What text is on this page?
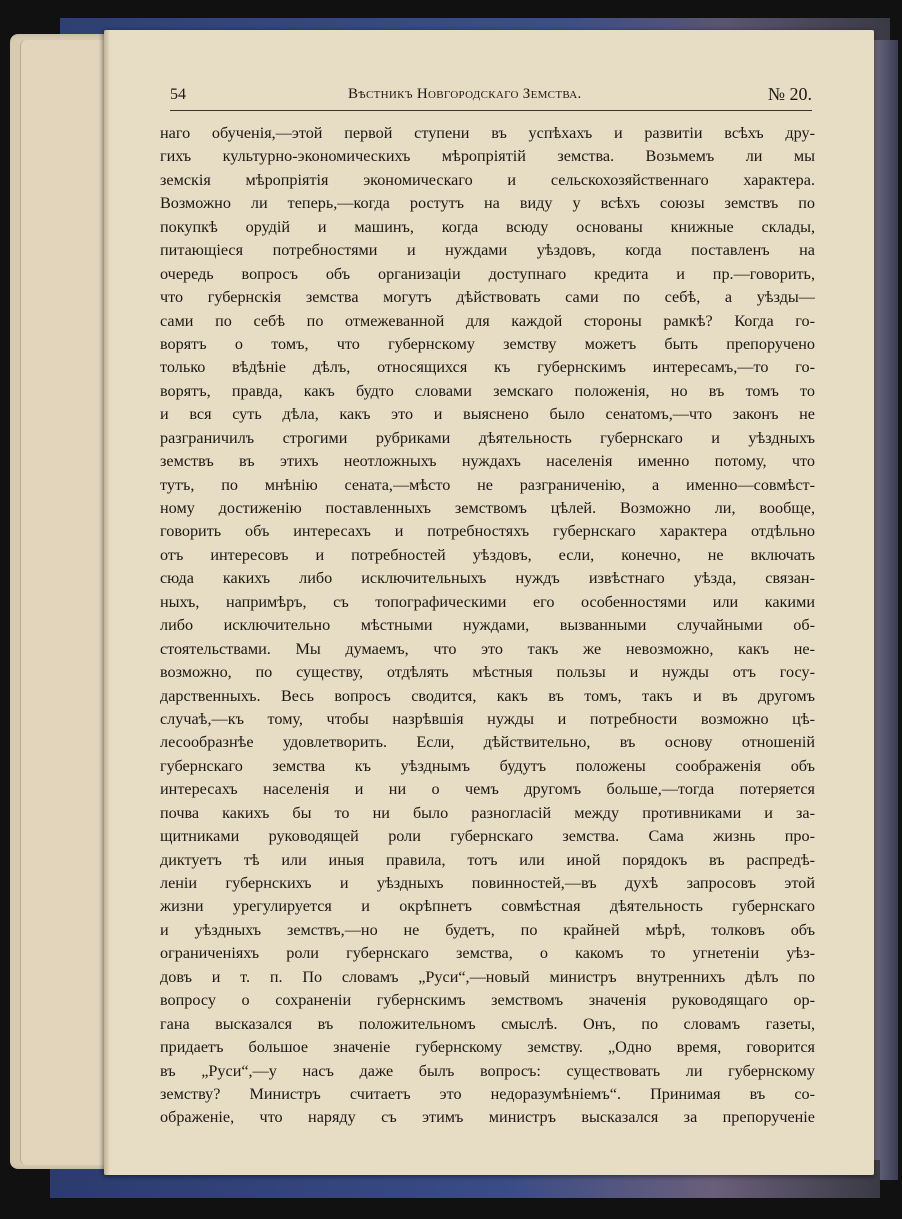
54	Вѣстникъ Новгородскаго Земства.	№ 20.
наго обученія,—этой первой ступени въ успѣхахъ и развитіи всѣхъ дру-
гихъ культурно-экономическихъ мѣропріятій земства. Возьмемъ ли мы
земскія мѣропріятія экономическаго и сельскохозяйственнаго характера.
Возможно ли теперь,—когда ростутъ на виду у всѣхъ союзы земствъ по
покупкѣ орудій и машинъ, когда всюду основаны книжные склады,
питающіеся потребностями и нуждами уѣздовъ, когда поставленъ на
очередь вопросъ объ организаціи доступнаго кредита и пр.—говорить,
что губернскія земства могутъ дѣйствовать сами по себѣ, а уѣзды—
сами по себѣ по отмежеванной для каждой стороны рамкѣ? Когда го-
ворятъ о томъ, что губернскому земству можетъ быть препоручено
только вѣдѣніе дѣлъ, относящихся къ губернскимъ интересамъ,—то го-
ворятъ, правда, какъ будто словами земскаго положенія, но въ томъ то
и вся суть дѣла, какъ это и выяснено было сенатомъ,—что законъ не
разграничилъ строгими рубриками дѣятельность губернскаго и уѣздныхъ
земствъ въ этихъ неотложныхъ нуждахъ населенія именно потому, что
тутъ, по мнѣнію сената,—мѣсто не разграниченію, а именно—совмѣст-
ному достиженію поставленныхъ земствомъ цѣлей. Возможно ли, вообще,
говорить объ интересахъ и потребностяхъ губернскаго характера отдѣльно
отъ интересовъ и потребностей уѣздовъ, если, конечно, не включать
сюда какихъ либо исключительныхъ нуждъ извѣстнаго уѣзда, связан-
ныхъ, напримѣръ, съ топографическими его особенностями или какими
либо исключительно мѣстными нуждами, вызванными случайными об-
стоятельствами. Мы думаемъ, что это такъ же невозможно, какъ не-
возможно, по существу, отдѣлять мѣстныя пользы и нужды отъ госу-
дарственныхъ. Весь вопросъ сводится, какъ въ томъ, такъ и въ другомъ
случаѣ,—къ тому, чтобы назрѣвшія нужды и потребности возможно цѣ-
лесообразнѣе удовлетворить. Если, дѣйствительно, въ основу отношеній
губернскаго земства къ уѣзднымъ будутъ положены соображенія объ
интересахъ населенія и ни о чемъ другомъ больше,—тогда потеряется
почва какихъ бы то ни было разногласій между противниками и за-
щитниками руководящей роли губернскаго земства. Сама жизнь про-
диктуетъ тѣ или иныя правила, тотъ или иной порядокъ въ распредѣ-
леніи губернскихъ и уѣздныхъ повинностей,—въ духѣ запросовъ этой
жизни урегулируется и окрѣпнетъ совмѣстная дѣятельность губернскаго
и уѣздныхъ земствъ,—но не будетъ, по крайней мѣрѣ, толковъ объ
ограниченіяхъ роли губернскаго земства, о какомъ то угнетеніи уѣз-
довъ и т. п. По словамъ „Руси“,—новый министръ внутреннихъ дѣлъ по
вопросу о сохраненіи губернскимъ земствомъ значенія руководящаго ор-
гана высказался въ положительномъ смыслѣ. Онъ, по словамъ газеты,
придаетъ большое значеніе губернскому земству. „Одно время, говорится
въ „Руси“,—у насъ даже былъ вопросъ: существовать ли губернскому
земству? Министръ считаетъ это недоразумѣніемъ“. Принимая въ со-
ображеніе, что наряду съ этимъ министръ высказался за препорученіе
